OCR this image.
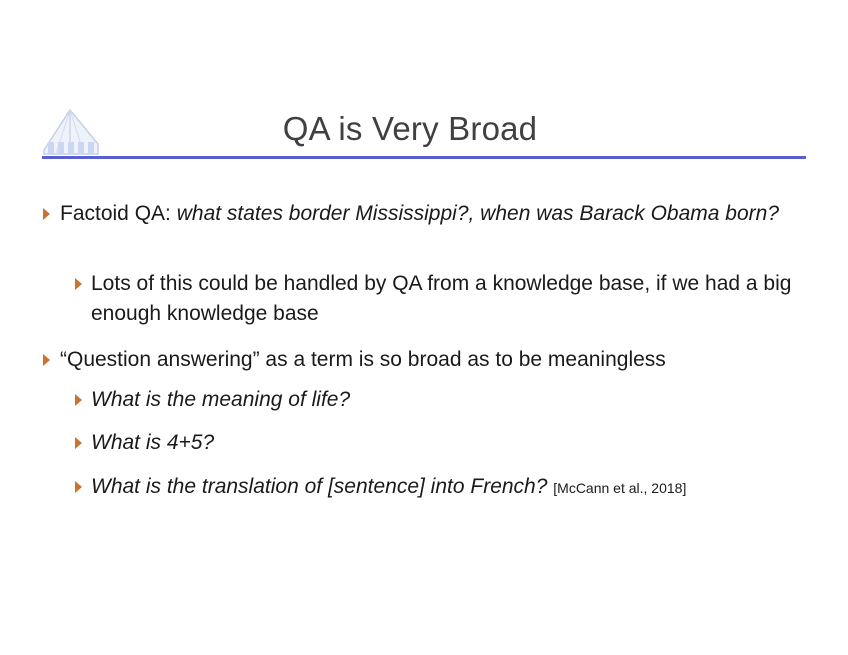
QA is Very Broad
Factoid QA: what states border Mississippi?, when was Barack Obama born?
Lots of this could be handled by QA from a knowledge base, if we had a big enough knowledge base
“Question answering” as a term is so broad as to be meaningless
What is the meaning of life?
What is 4+5?
What is the translation of [sentence] into French? [McCann et al., 2018]
